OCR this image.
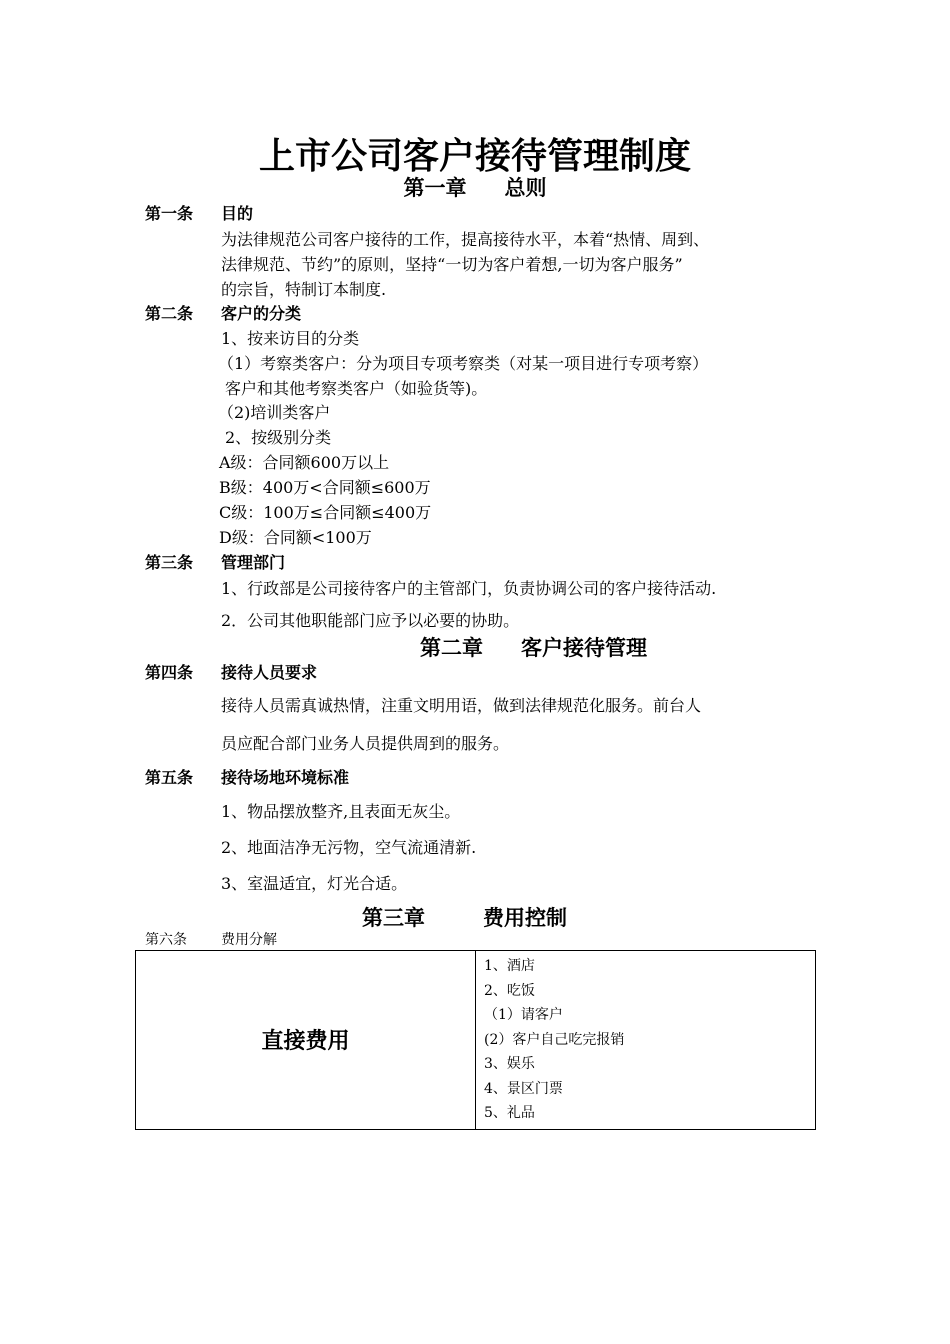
上市公司客户接待管理制度
第一章 总则
第一条 目的
为法律规范公司客户接待的工作，提高接待水平，本着“热情、周到、
法律规范、节约”的原则，坚持“一切为客户着想,一切为客户服务”
的宗旨，特制订本制度.
第二条 客户的分类
1、按来访目的分类
（1）考察类客户：分为项目专项考察类（对某一项目进行专项考察）
客户和其他考察类客户（如验货等)。
（2)培训类客户
2、按级别分类
A级：合同额600万以上
B级：400万<合同额≤600万
C级：100万≤合同额≤400万
D级：合同额<100万
第三条 管理部门
1、行政部是公司接待客户的主管部门，负责协调公司的客户接待活动.
2．公司其他职能部门应予以必要的协助。
第二章 客户接待管理
第四条 接待人员要求
接待人员需真诚热情，注重文明用语，做到法律规范化服务。前台人
员应配合部门业务人员提供周到的服务。
第五条 接待场地环境标准
1、物品摆放整齐,且表面无灰尘。
2、地面洁净无污物，空气流通清新.
3、室温适宜，灯光合适。
第三章	费用控制
第六条 费用分解
直接费用	
1、酒店
2、吃饭
（1）请客户
(2）客户自己吃完报销
3、娱乐
4、景区门票
5、礼品
